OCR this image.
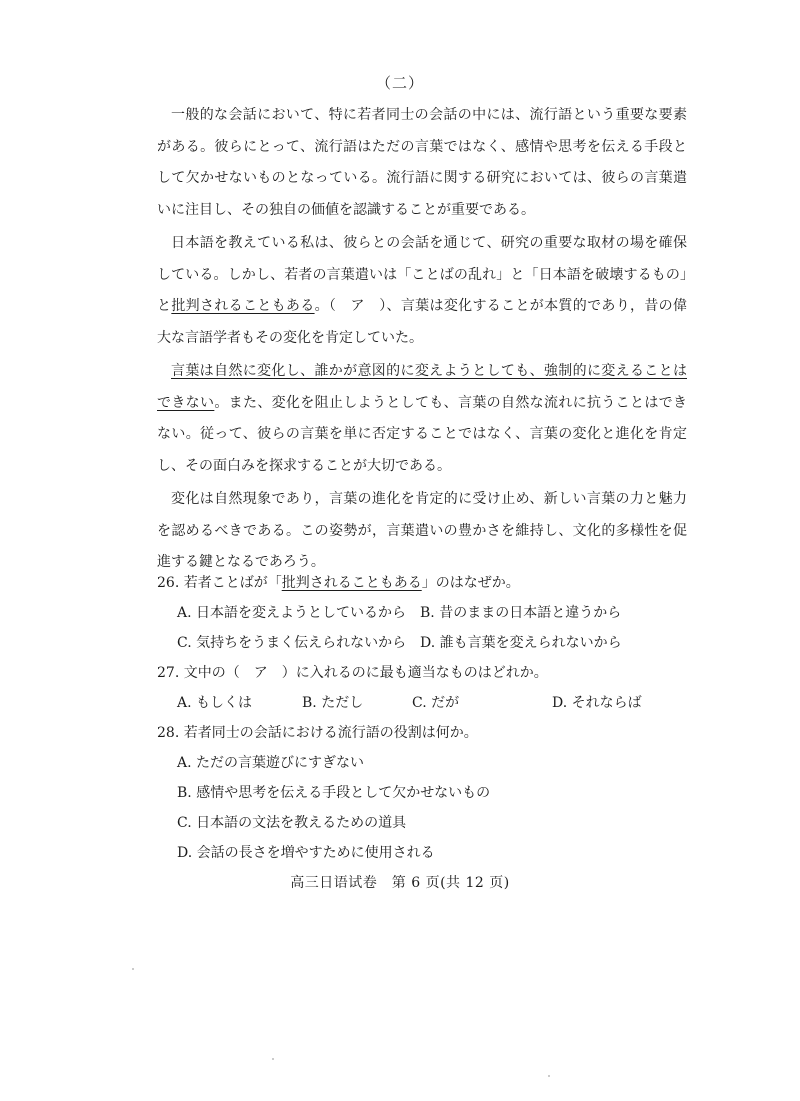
（二）

一般的な会話において、特に若者同士の会話の中には、流行語という重要な要素がある。彼らにとって、流行語はただの言葉ではなく、感情や思考を伝える手段として欠かせないものとなっている。流行語に関する研究においては、彼らの言葉遣いに注目し、その独自の価値を認識することが重要である。

日本語を教えている私は、彼らとの会話を通じて、研究の重要な取材の場を確保している。しかし、若者の言葉遣いは「ことばの乱れ」と「日本語を破壊するもの」と批判されることもある。（　ア　）、言葉は変化することが本質的であり，昔の偉大な言語学者もその変化を肯定していた。

言葉は自然に変化し、誰かが意図的に変えようとしても、強制的に変えることはできない。また、変化を阻止しようとしても、言葉の自然な流れに抗うことはできない。従って、彼らの言葉を単に否定することではなく、言葉の変化と進化を肯定し、その面白みを探求することが大切である。

変化は自然現象であり，言葉の進化を肯定的に受け止め、新しい言葉の力と魅力を認めるべきである。この姿勢が，言葉遣いの豊かさを維持し、文化的多様性を促進する鍵となるであろう。

26. 若者ことばが「批判されることもある」のはなぜか。
A. 日本語を変えようとしているから B. 昔のままの日本語と違うから
C. 気持ちをうまく伝えられないから D. 誰も言葉を変えられないから
27. 文中の（　ア　）に入れるのに最も適当なものはどれか。
A. もしくは	B. ただし	C. だが	D. それならば
28. 若者同士の会話における流行語の役割は何か。
A. ただの言葉遊びにすぎない
B. 感情や思考を伝える手段として欠かせないもの
C. 日本語の文法を教えるための道具
D. 会話の長さを増やすために使用される
高三日语试卷　第 6 页(共 12 页)
